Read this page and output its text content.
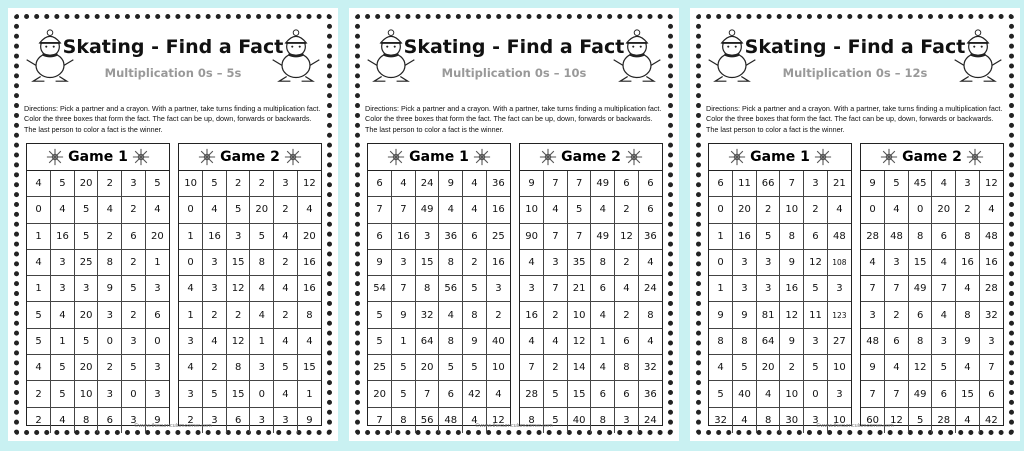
Skating - Find a Fact
Multiplication 0s – 5s
Directions: Pick a partner and a crayon. With a partner, take turns finding a multiplication fact. Color the three boxes that form the fact. The fact can be up, down, forwards or backwards. The last person to color a fact is the winner.
Game 1
4	5	20	2	3	5
0	4	5	4	2	4
1	16	5	2	6	20
4	3	25	8	2	1
1	3	3	9	5	3
5	4	20	3	2	6
5	1	5	0	3	0
4	5	20	2	5	3
2	5	10	3	0	3
2	4	8	6	3	9
Game 2
10	5	2	2	3	12
0	4	5	20	2	4
1	16	3	5	4	20
0	3	15	8	2	16
4	3	12	4	4	16
1	2	2	4	2	8
3	4	12	1	4	4
4	2	8	3	5	15
3	5	15	0	4	1
2	3	6	3	3	9
©www.thecurriculumcorner.com
Skating - Find a Fact
Multiplication 0s – 10s
Directions: Pick a partner and a crayon. With a partner, take turns finding a multiplication fact. Color the three boxes that form the fact. The fact can be up, down, forwards or backwards. The last person to color a fact is the winner.
Game 1
6	4	24	9	4	36
7	7	49	4	4	16
6	16	3	36	6	25
9	3	15	8	2	16
54	7	8	56	5	3
5	9	32	4	8	2
5	1	64	8	9	40
25	5	20	5	5	10
20	5	7	6	42	4
7	8	56	48	4	12
Game 2
9	7	7	49	6	6
10	4	5	4	2	6
90	7	7	49	12	36
4	3	35	8	2	4
3	7	21	6	4	24
16	2	10	4	2	8
4	4	12	1	6	4
7	2	14	4	8	32
28	5	15	6	6	36
8	5	40	8	3	24
©www.thecurriculumcorner.com
Skating - Find a Fact
Multiplication 0s – 12s
Directions: Pick a partner and a crayon. With a partner, take turns finding a multiplication fact. Color the three boxes that form the fact. The fact can be up, down, forwards or backwards. The last person to color a fact is the winner.
Game 1
6	11	66	7	3	21
0	20	2	10	2	4
1	16	5	8	6	48
0	3	3	9	12	108
1	3	3	16	5	3
9	9	81	12	11	123
8	8	64	9	3	27
4	5	20	2	5	10
5	40	4	10	0	3
32	4	8	30	3	10
Game 2
9	5	45	4	3	12
0	4	0	20	2	4
28	48	8	6	8	48
4	3	15	4	16	16
7	7	49	7	4	28
3	2	6	4	8	32
48	6	8	3	9	3
9	4	12	5	4	7
7	7	49	6	15	6
60	12	5	28	4	42
©www.thecurriculumcorner.com
